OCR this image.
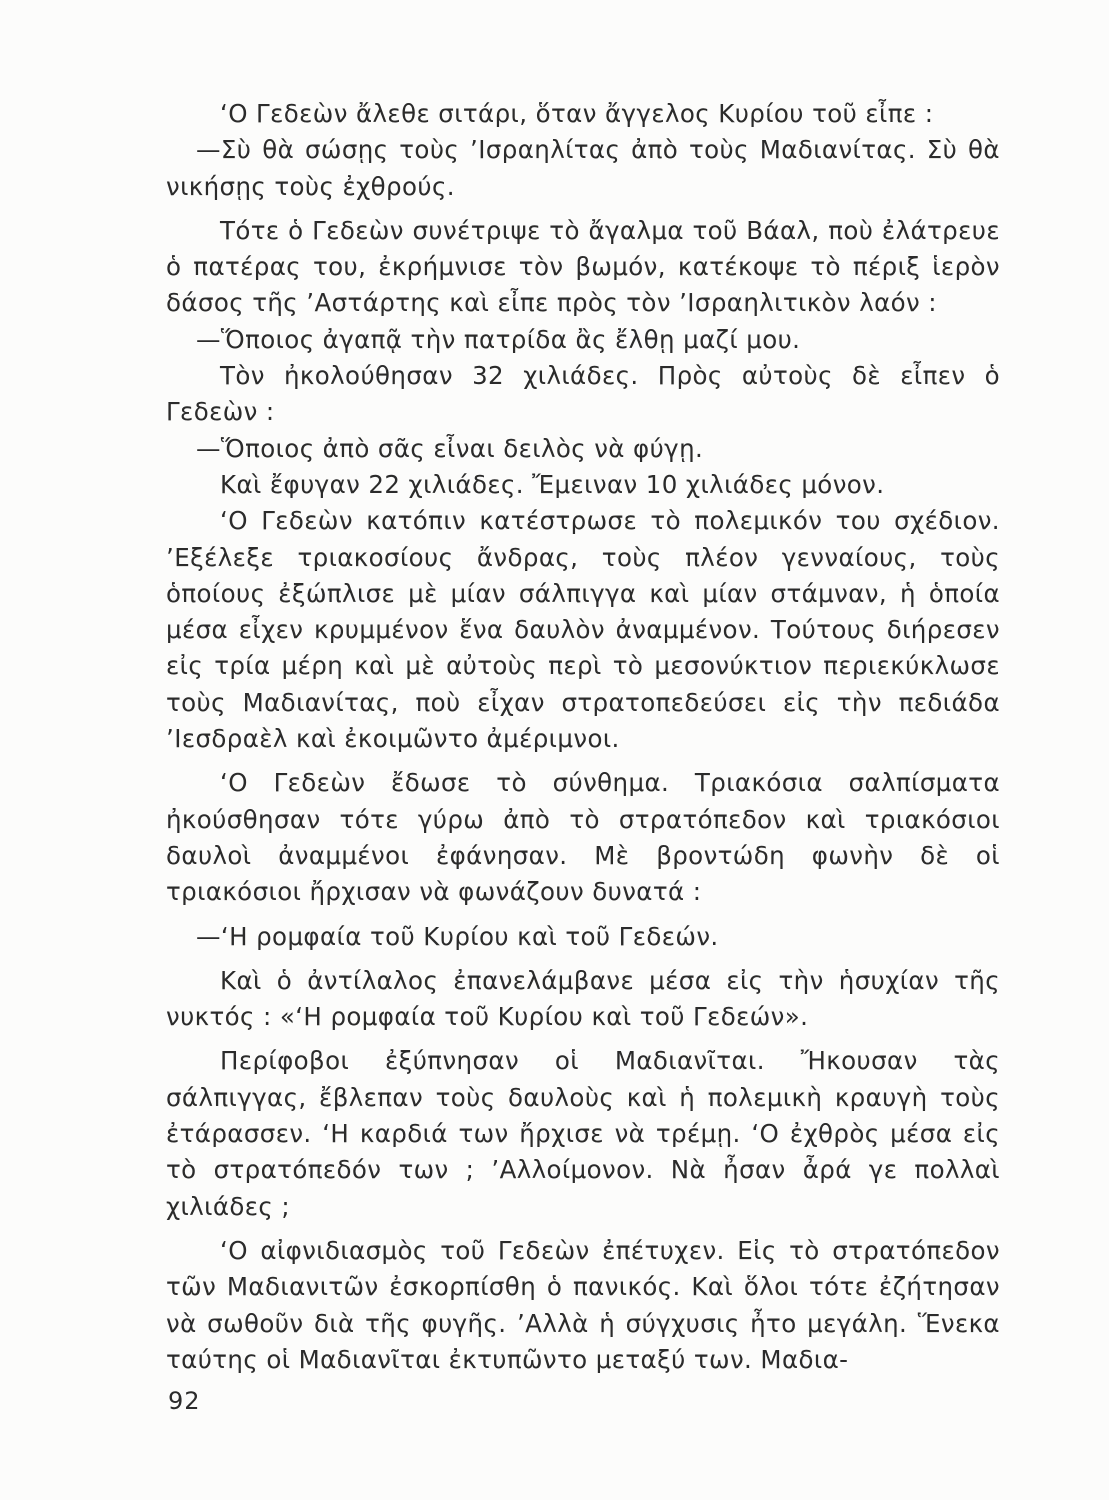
‘Ο Γεδεὼν ἄλεθε σιτάρι, ὅταν ἄγγελος Κυρίου τοῦ εἶπε :

—Σὺ θὰ σώσῃς τοὺς ’Ισραηλίτας ἀπὸ τοὺς Μαδιανίτας. Σὺ θὰ νικήσῃς τοὺς ἐχθρούς.

Τότε ὁ Γεδεὼν συνέτριψε τὸ ἄγαλμα τοῦ Βάαλ, ποὺ ἐλάτρευε ὁ πατέρας του, ἐκρήμνισε τὸν βωμόν, κατέκοψε τὸ πέριξ ἱερὸν δάσος τῆς ’Αστάρτης καὶ εἶπε πρὸς τὸν ’Ισραηλιτικὸν λαόν :

—Ὅποιος ἀγαπᾷ τὴν πατρίδα ἂς ἔλθῃ μαζί μου.

Τὸν ἠκολούθησαν 32 χιλιάδες. Πρὸς αὐτοὺς δὲ εἶπεν ὁ Γεδεὼν :

—Ὅποιος ἀπὸ σᾶς εἶναι δειλὸς νὰ φύγῃ.

Καὶ ἔφυγαν 22 χιλιάδες. Ἔμειναν 10 χιλιάδες μόνον.

‘Ο Γεδεὼν κατόπιν κατέστρωσε τὸ πολεμικόν του σχέδιον. ’Εξέλεξε τριακοσίους ἄνδρας, τοὺς πλέον γενναίους, τοὺς ὁποίους ἐξώπλισε μὲ μίαν σάλπιγγα καὶ μίαν στάμναν, ἡ ὁποία μέσα εἶχεν κρυμμένον ἕνα δαυλὸν ἀναμμένον. Τούτους διήρεσεν εἰς τρία μέρη καὶ μὲ αὐτοὺς περὶ τὸ μεσονύκτιον περιεκύκλωσε τοὺς Μαδιανίτας, ποὺ εἶχαν στρατοπεδεύσει εἰς τὴν πεδιάδα ’Ιεσδραὲλ καὶ ἐκοιμῶντο ἀμέριμνοι.

‘Ο Γεδεὼν ἔδωσε τὸ σύνθημα. Τριακόσια σαλπίσματα ἠκούσθησαν τότε γύρω ἀπὸ τὸ στρατόπεδον καὶ τριακόσιοι δαυλοὶ ἀναμμένοι ἐφάνησαν. Μὲ βροντώδη φωνὴν δὲ οἱ τριακόσιοι ἤρχισαν νὰ φωνάζουν δυνατά :

—‘Η ρομφαία τοῦ Κυρίου καὶ τοῦ Γεδεών.

Καὶ ὁ ἀντίλαλος ἐπανελάμβανε μέσα εἰς τὴν ἡσυχίαν τῆς νυκτός : «‘Η ρομφαία τοῦ Κυρίου καὶ τοῦ Γεδεών».

Περίφοβοι ἐξύπνησαν οἱ Μαδιανῖται. Ἤκουσαν τὰς σάλπιγγας, ἔβλεπαν τοὺς δαυλοὺς καὶ ἡ πολεμικὴ κραυγὴ τοὺς ἐτάρασσεν. ‘Η καρδιά των ἤρχισε νὰ τρέμῃ. ‘Ο ἐχθρὸς μέσα εἰς τὸ στρατόπεδόν των ; ’Αλλοίμονον. Νὰ ἦσαν ἆρά γε πολλαὶ χιλιάδες ;

‘Ο αἰφνιδιασμὸς τοῦ Γεδεὼν ἐπέτυχεν. Εἰς τὸ στρατόπεδον τῶν Μαδιανιτῶν ἐσκορπίσθη ὁ πανικός. Καὶ ὅλοι τότε ἐζήτησαν νὰ σωθοῦν διὰ τῆς φυγῆς. ’Αλλὰ ἡ σύγχυσις ἦτο μεγάλη. Ἕνεκα ταύτης οἱ Μαδιανῖται ἐκτυπῶντο μεταξύ των. Μαδια-

92
